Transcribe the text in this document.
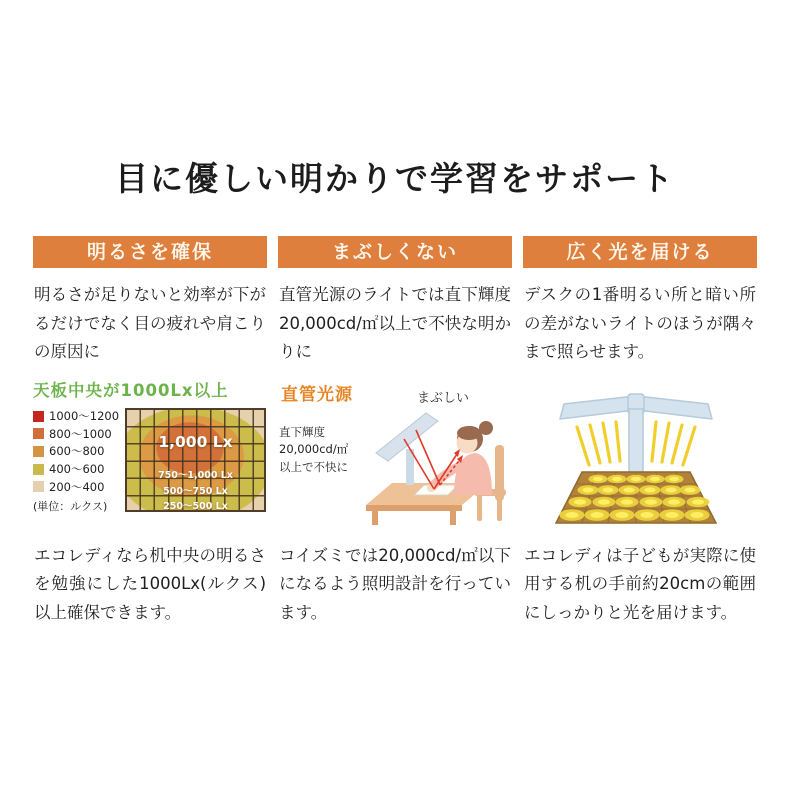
目に優しい明かりで学習をサポート
明るさを確保

明るさが足りないと効率が下がるだけでなく目の疲れや肩こりの原因に

天板中央が1000Lx以上
1000〜1200
800〜1000
600〜800
400〜600
200〜400
(単位：ルクス)
1,000 Lx
750〜1,000 Lx
500〜750 Lx
250〜500 Lx

エコレディなら机中央の明るさを勉強にした1000Lx(ルクス)以上確保できます。

まぶしくない

直管光源のライトでは直下輝度20,000cd/㎡以上で不快な明かりに

直管光源	まぶしい
直下輝度
20,000cd/㎡
以上で不快に

コイズミでは20,000cd/㎡以下になるよう照明設計を行っています。

広く光を届ける

デスクの1番明るい所と暗い所の差がないライトのほうが隅々まで照らせます。

エコレディは子どもが実際に使用する机の手前約20cmの範囲にしっかりと光を届けます。
